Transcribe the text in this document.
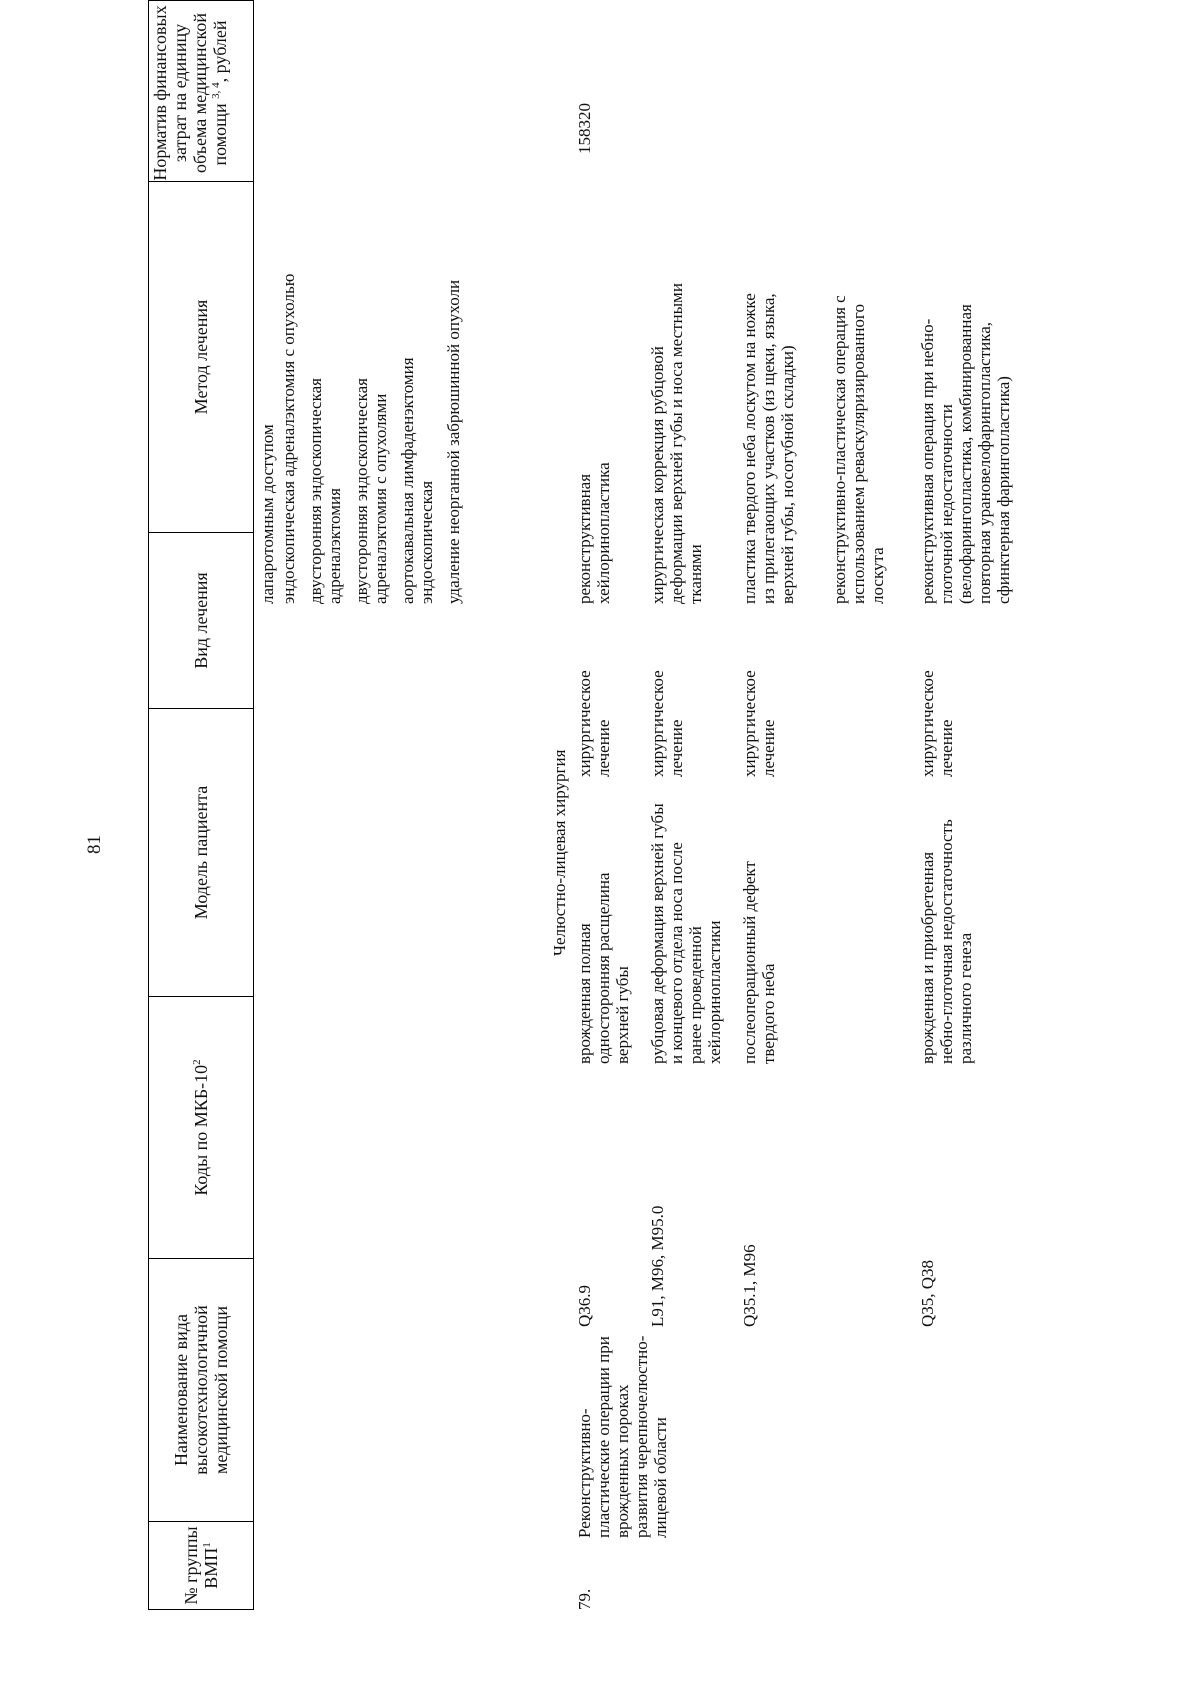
81
№ группы ВМП$^1$
Наименование вида высокотехнологичной медицинской помощи
Коды по МКБ-$10^2$
Модель пациента
Вид лечения
Метод лечения
Норматив финансовых затрат на единицу объема медицинской помощи $^{3, 4}$, рублей
лапаротомным доступом эндоскопическая адреналэктомия с опухолью двусторонняя эндоскопическая адреналэктомия двусторонняя эндоскопическая адреналэктомия с опухолями аортокавальная лимфаденэктомия эндоскопическая удаление неорганной забрюшинной опухоли
Челюстно-лицевая хирургия
79.
Реконструктивно-пластические операции при врожденных пороках развития черепночелюстно-лицевой области
158320
Q36.9
врожденная полная односторонняя расщелина верхней губы
хирургическое лечение
реконструктивная хейлоринопластика
L91, M96, M95.0
рубцовая деформация верхней губы и концевого отдела носа после ранее проведенной хейлоринопластики
хирургическое лечение
хирургическая коррекция рубцовой деформации верхней губы и носа местными тканями
Q35.1, M96
послеоперационный дефект твердого неба
хирургическое лечение
пластика твердого неба лоскутом на ножке из прилегающих участков (из щеки, языка, верхней губы, носогубной складки) реконструктивно-пластическая операция с использованием реваскуляризированного лоскута
Q35, Q38
врожденная и приобретенная небно-глоточная недостаточность различного генеза
хирургическое лечение
реконструктивная операция при небно-глоточной недостаточности (велофарингопластика, комбинированная повторная урановелофарингопластика, сфинктерная фарингопластика)
